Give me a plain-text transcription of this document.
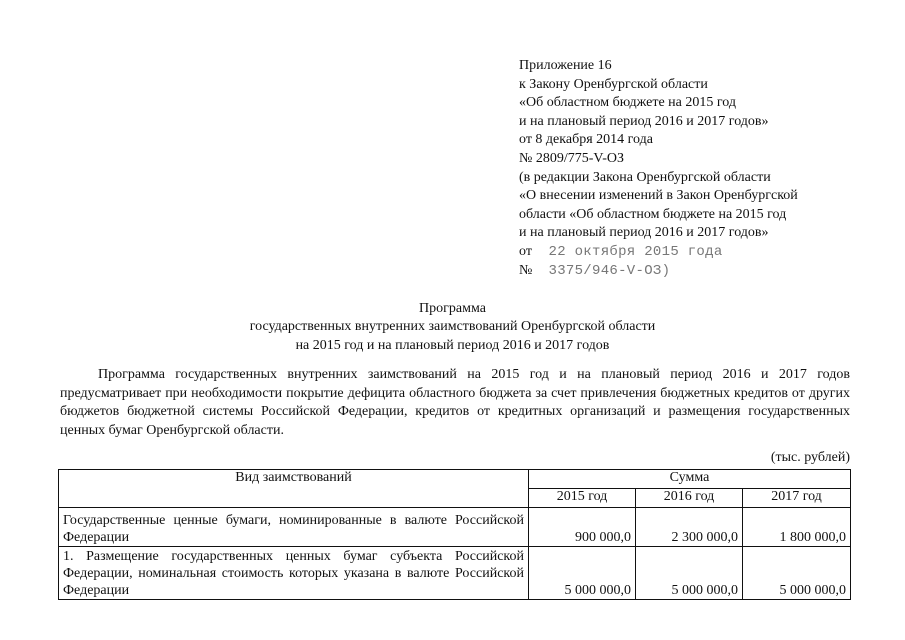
Приложение 16
к Закону Оренбургской области
«Об областном бюджете на 2015 год
и на плановый период 2016 и 2017 годов»
от 8 декабря 2014 года
№ 2809/775-V-ОЗ
(в редакции Закона Оренбургской области
«О внесении изменений в Закон Оренбургской
области «Об областном бюджете на 2015 год
и на плановый период 2016 и 2017 годов»
от 22 октября 2015 года
№ 3375/946-V-ОЗ)
Программа
государственных внутренних заимствований Оренбургской области
на 2015 год и на плановый период 2016 и 2017 годов

Программа государственных внутренних заимствований на 2015 год и на плановый период 2016 и 2017 годов предусматривает при необходимости покрытие дефицита областного бюджета за счет привлечения бюджетных кредитов от других бюджетов бюджетной системы Российской Федерации, кредитов от кредитных организаций и размещения государственных ценных бумаг Оренбургской области.

(тыс. рублей)
Вид заимствований	Сумма		
	2015 год	2016 год	2017 год
Государственные ценные бумаги, номинированные в валюте Российской Федерации	900 000,0	2 300 000,0	1 800 000,0
1. Размещение государственных ценных бумаг субъекта Российской Федерации, номинальная стоимость которых указана в валюте Российской Федерации	5 000 000,0	5 000 000,0	5 000 000,0
